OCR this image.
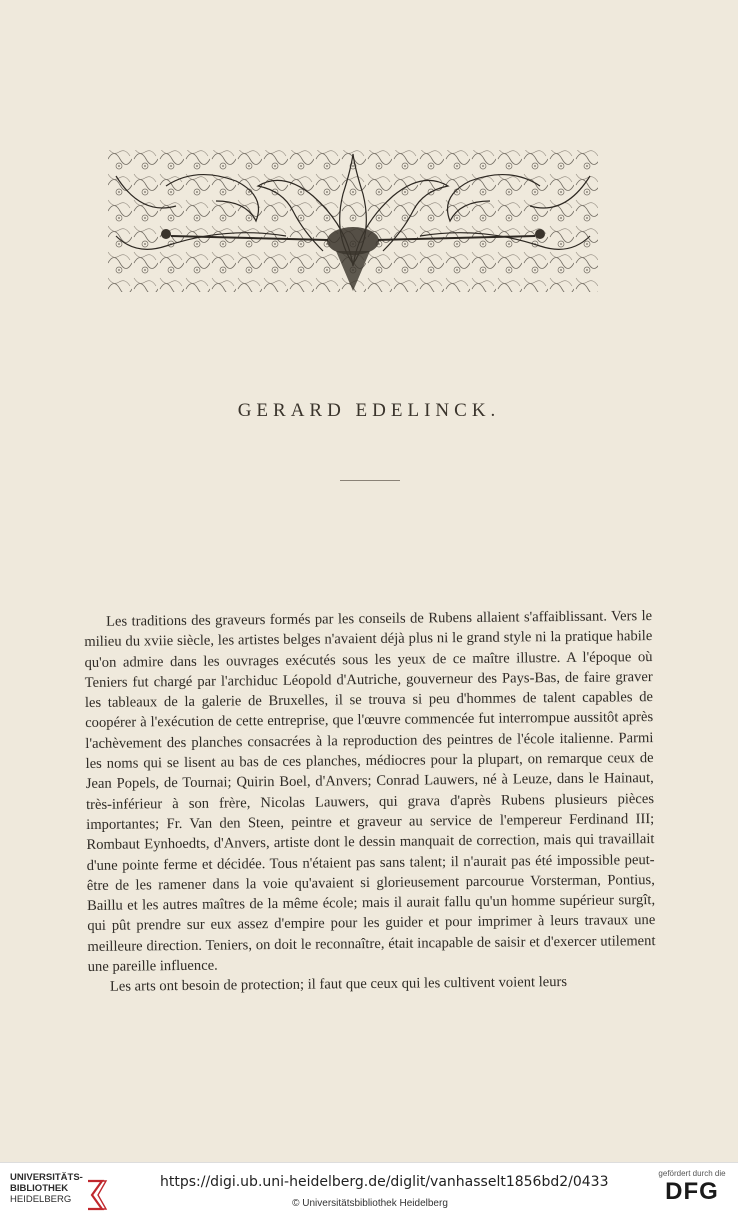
GERARD EDELINCK.

Les traditions des graveurs formés par les conseils de Rubens allaient s'affaiblissant. Vers le milieu du xviie siècle, les artistes belges n'avaient déjà plus ni le grand style ni la pratique habile qu'on admire dans les ouvrages exécutés sous les yeux de ce maître illustre. A l'époque où Teniers fut chargé par l'archiduc Léopold d'Autriche, gouverneur des Pays-Bas, de faire graver les tableaux de la galerie de Bruxelles, il se trouva si peu d'hommes de talent capables de coopérer à l'exécution de cette entreprise, que l'œuvre commencée fut interrompue aussitôt après l'achèvement des planches consacrées à la reproduction des peintres de l'école italienne. Parmi les noms qui se lisent au bas de ces planches, médiocres pour la plupart, on remarque ceux de Jean Popels, de Tournai; Quirin Boel, d'Anvers; Conrad Lauwers, né à Leuze, dans le Hainaut, très-inférieur à son frère, Nicolas Lauwers, qui grava d'après Rubens plusieurs pièces importantes; Fr. Van den Steen, peintre et graveur au service de l'empereur Ferdinand III; Rombaut Eynhoedts, d'Anvers, artiste dont le dessin manquait de correction, mais qui travaillait d'une pointe ferme et décidée. Tous n'étaient pas sans talent; il n'aurait pas été impossible peut-être de les ramener dans la voie qu'avaient si glorieusement parcourue Vorsterman, Pontius, Baillu et les autres maîtres de la même école; mais il aurait fallu qu'un homme supérieur surgît, qui pût prendre sur eux assez d'empire pour les guider et pour imprimer à leurs travaux une meilleure direction. Teniers, on doit le reconnaître, était incapable de saisir et d'exercer utilement une pareille influence.

Les arts ont besoin de protection; il faut que ceux qui les cultivent voient leurs

UNIVERSITÄTS-
BIBLIOTHEK
HEIDELBERG
https://digi.ub.uni-heidelberg.de/diglit/vanhasselt1856bd2/0433
© Universitätsbibliothek Heidelberg
gefördert durch die
DFG
